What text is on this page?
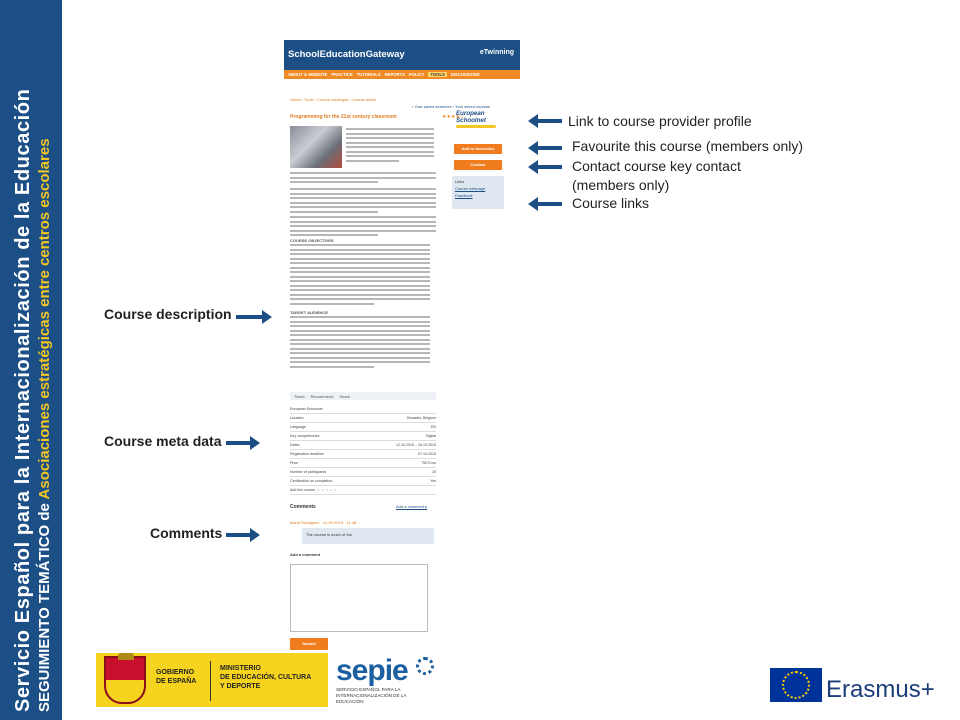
Servicio Español para la Internacionalización de la Educación SEGUIMIENTO TEMÁTICO de Asociaciones estratégicas entre centros escolares
SchoolEducationGateway	eTwinning
ABOUT & WEBSITE PRACTICE TUTORIALS REPORTS POLICY	TOOLS	DISCUSSIONS
Home › Tools › Course catalogue › Course detail
› Your saved searches › Your saved courses
Programming for the 21st century classroom	★★★★☆
European Schoolnet
Add to favourites
Contact
Links
Course webpage
Facebook
COURSE OBJECTIVES
TARGET AUDIENCE
Tweet Recommend Share
European Schoolnet
Location	Brussels, Belgium
Language	EN
Key competencies	Digital
Dates	12.10.2015 – 16.10.2015
Registration deadline	07.10.2015
Price	750 Euro
Number of participants	25
Certification on completion	Yes
Add this course: ☆ ☆ ☆ ☆ ☆
Comments	Add a comment ▸
Maria Rodriguez · 14.05.2015 · 11:48
The course is much of fun
Add a comment
Submit
Link to course provider profile
Favourite this course (members only)
Contact course key contact
(members only)
Course links
Course description
Course meta data
Comments
GOBIERNO
DE ESPAÑA
MINISTERIO
DE EDUCACIÓN, CULTURA
Y DEPORTE	sepie
SERVICIO ESPAÑOL PARA LA
INTERNACIONALIZACIÓN DE LA EDUCACIÓN	Erasmus+
